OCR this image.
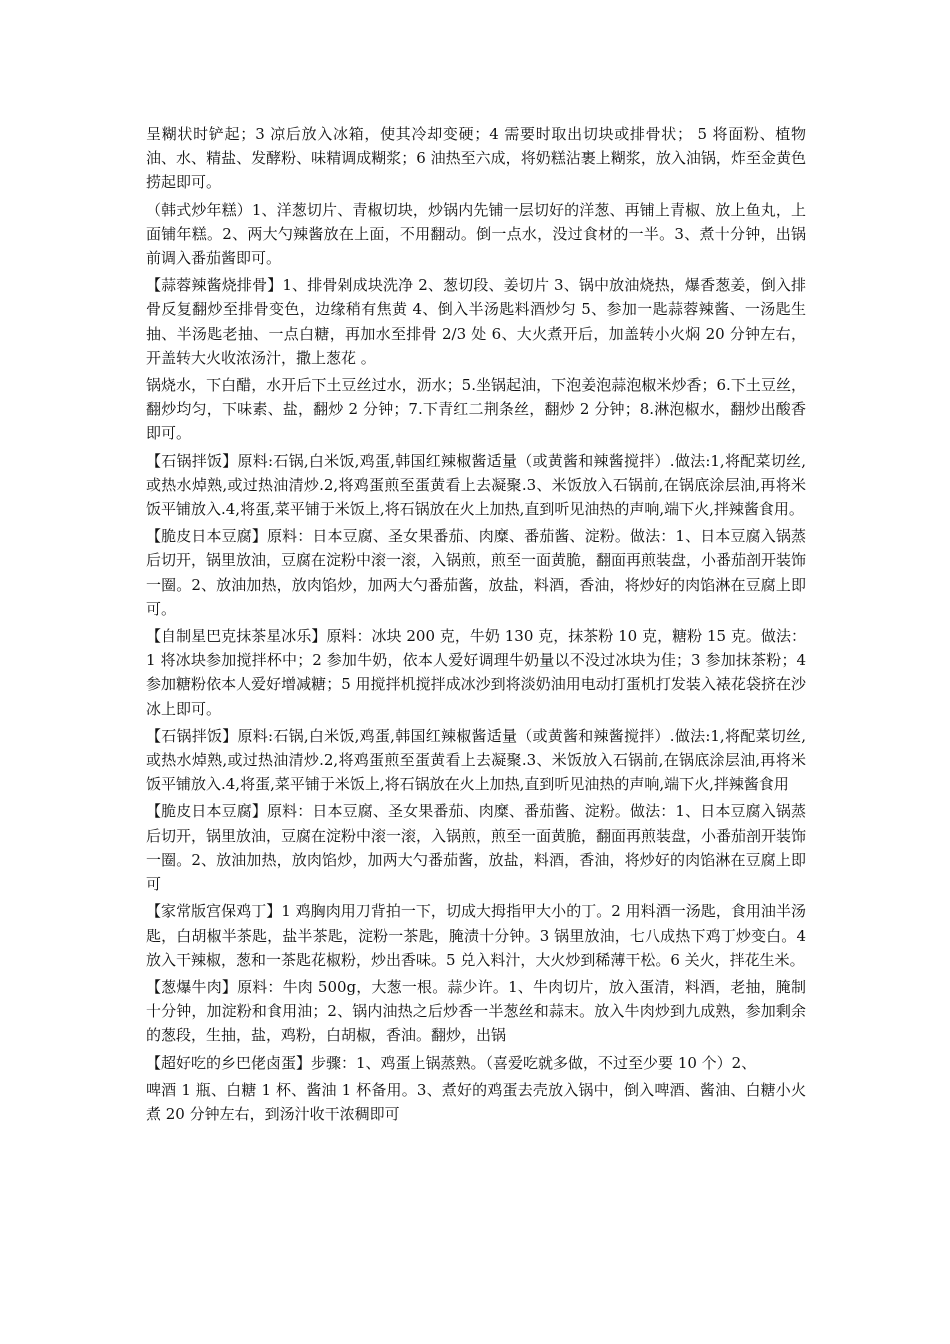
呈糊状时铲起；3 凉后放入冰箱，使其冷却变硬；4 需要时取出切块或排骨状； 5 将面粉、植物油、水、精盐、发酵粉、味精调成糊浆；6 油热至六成，将奶糕沾裹上糊浆，放入油锅，炸至金黄色捞起即可。

（韩式炒年糕）1、洋葱切片、青椒切块，炒锅内先铺一层切好的洋葱、再铺上青椒、放上鱼丸，上面铺年糕。2、两大勺辣酱放在上面，不用翻动。倒一点水，没过食材的一半。3、煮十分钟，出锅前调入番茄酱即可。

【蒜蓉辣酱烧排骨】1、排骨剁成块洗净 2、葱切段、姜切片 3、锅中放油烧热，爆香葱姜，倒入排骨反复翻炒至排骨变色，边缘稍有焦黄 4、倒入半汤匙料酒炒匀 5、参加一匙蒜蓉辣酱、一汤匙生抽、半汤匙老抽、一点白糖，再加水至排骨 2/3 处 6、大火煮开后，加盖转小火焖 20 分钟左右，开盖转大火收浓汤汁，撒上葱花 。

锅烧水，下白醋，水开后下土豆丝过水，沥水；5.坐锅起油，下泡姜泡蒜泡椒米炒香；6.下土豆丝，翻炒均匀，下味素、盐，翻炒 2 分钟；7.下青红二荆条丝，翻炒 2 分钟；8.淋泡椒水，翻炒出酸香即可。

【石锅拌饭】原料:石锅,白米饭,鸡蛋,韩国红辣椒酱适量（或黄酱和辣酱搅拌）.做法:1,将配菜切丝,或热水焯熟,或过热油清炒.2,将鸡蛋煎至蛋黄看上去凝聚.3、米饭放入石锅前,在锅底涂层油,再将米饭平铺放入.4,将蛋,菜平铺于米饭上,将石锅放在火上加热,直到听见油热的声响,端下火,拌辣酱食用。

【脆皮日本豆腐】原料：日本豆腐、圣女果番茄、肉糜、番茄酱、淀粉。做法：1、日本豆腐入锅蒸后切开，锅里放油，豆腐在淀粉中滚一滚，入锅煎，煎至一面黄脆，翻面再煎装盘，小番茄剖开装饰一圈。2、放油加热，放肉馅炒，加两大勺番茄酱，放盐，料酒，香油，将炒好的肉馅淋在豆腐上即可。

【自制星巴克抹茶星冰乐】原料：冰块 200 克，牛奶 130 克，抹茶粉 10 克，糖粉 15 克。做法：1 将冰块参加搅拌杯中；2 参加牛奶，依本人爱好调理牛奶量以不没过冰块为佳；3 参加抹茶粉；4 参加糖粉依本人爱好增减糖；5 用搅拌机搅拌成冰沙到将淡奶油用电动打蛋机打发装入裱花袋挤在沙冰上即可。

【石锅拌饭】原料:石锅,白米饭,鸡蛋,韩国红辣椒酱适量（或黄酱和辣酱搅拌）.做法:1,将配菜切丝,或热水焯熟,或过热油清炒.2,将鸡蛋煎至蛋黄看上去凝聚.3、米饭放入石锅前,在锅底涂层油,再将米饭平铺放入.4,将蛋,菜平铺于米饭上,将石锅放在火上加热,直到听见油热的声响,端下火,拌辣酱食用

【脆皮日本豆腐】原料：日本豆腐、圣女果番茄、肉糜、番茄酱、淀粉。做法：1、日本豆腐入锅蒸后切开，锅里放油，豆腐在淀粉中滚一滚，入锅煎，煎至一面黄脆，翻面再煎装盘，小番茄剖开装饰一圈。2、放油加热，放肉馅炒，加两大勺番茄酱，放盐，料酒，香油，将炒好的肉馅淋在豆腐上即可

【家常版宫保鸡丁】1 鸡胸肉用刀背拍一下，切成大拇指甲大小的丁。2 用料酒一汤匙，食用油半汤匙，白胡椒半茶匙，盐半茶匙，淀粉一茶匙，腌渍十分钟。3 锅里放油，七八成热下鸡丁炒变白。4 放入干辣椒，葱和一茶匙花椒粉，炒出香味。5 兑入料汁，大火炒到稀薄干松。6 关火，拌花生米。

【葱爆牛肉】原料：牛肉 500g，大葱一根。蒜少许。1、牛肉切片，放入蛋清，料酒，老抽，腌制十分钟，加淀粉和食用油；2、锅内油热之后炒香一半葱丝和蒜末。放入牛肉炒到九成熟，参加剩余的葱段，生抽，盐，鸡粉，白胡椒，香油。翻炒，出锅

【超好吃的乡巴佬卤蛋】步骤：1、鸡蛋上锅蒸熟。（喜爱吃就多做，不过至少要 10 个）2、

啤酒 1 瓶、白糖 1 杯、酱油 1 杯备用。3、煮好的鸡蛋去壳放入锅中，倒入啤酒、酱油、白糖小火煮 20 分钟左右，到汤汁收干浓稠即可
